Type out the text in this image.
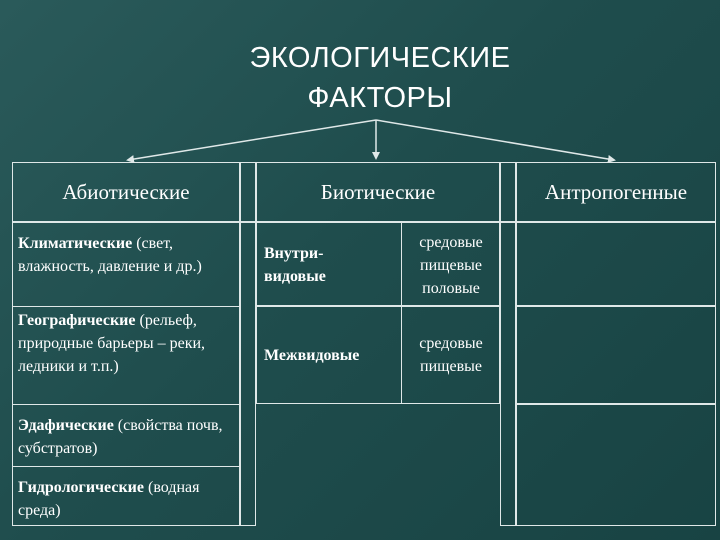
ЭКОЛОГИЧЕСКИЕ
ФАКТОРЫ
Абиотические	Биотические	Антропогенные
Климатические (свет, влажность, давление и др.)
Географические (рельеф, природные барьеры – реки, ледники и т.п.)
Эдафические (свойства почв, субстратов)
Гидрологические (водная среда)
Внутри-
видовые
средовые
пищевые
половые
Межвидовые
средовые
пищевые
